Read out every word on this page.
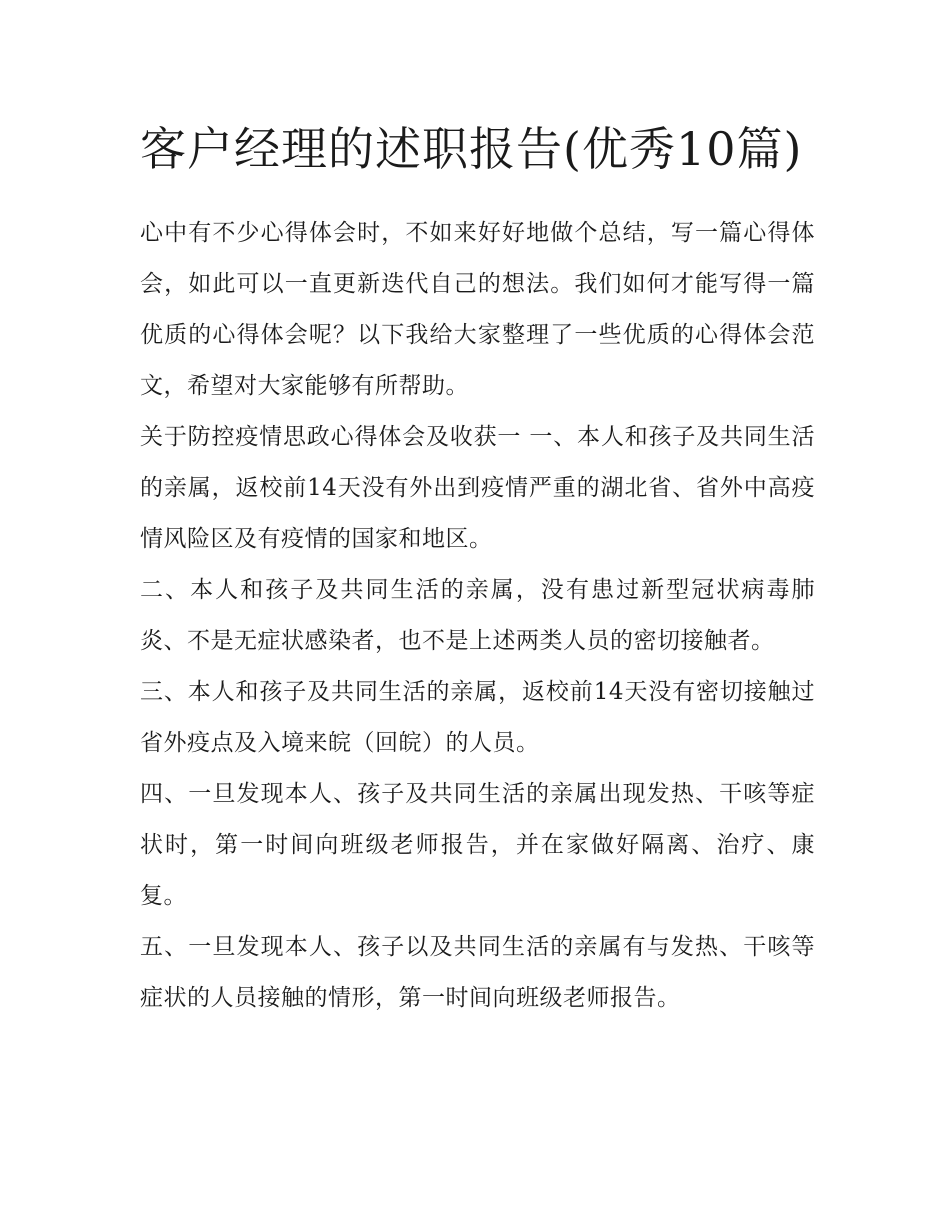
客户经理的述职报告(优秀10篇)

心中有不少心得体会时，不如来好好地做个总结，写一篇心得体会，如此可以一直更新迭代自己的想法。我们如何才能写得一篇优质的心得体会呢？以下我给大家整理了一些优质的心得体会范文，希望对大家能够有所帮助。

关于防控疫情思政心得体会及收获一 一、本人和孩子及共同生活的亲属，返校前14天没有外出到疫情严重的湖北省、省外中高疫情风险区及有疫情的国家和地区。

二、本人和孩子及共同生活的亲属，没有患过新型冠状病毒肺炎、不是无症状感染者，也不是上述两类人员的密切接触者。

三、本人和孩子及共同生活的亲属，返校前14天没有密切接触过省外疫点及入境来皖（回皖）的人员。

四、一旦发现本人、孩子及共同生活的亲属出现发热、干咳等症状时，第一时间向班级老师报告，并在家做好隔离、治疗、康复。

五、一旦发现本人、孩子以及共同生活的亲属有与发热、干咳等症状的人员接触的情形，第一时间向班级老师报告。
